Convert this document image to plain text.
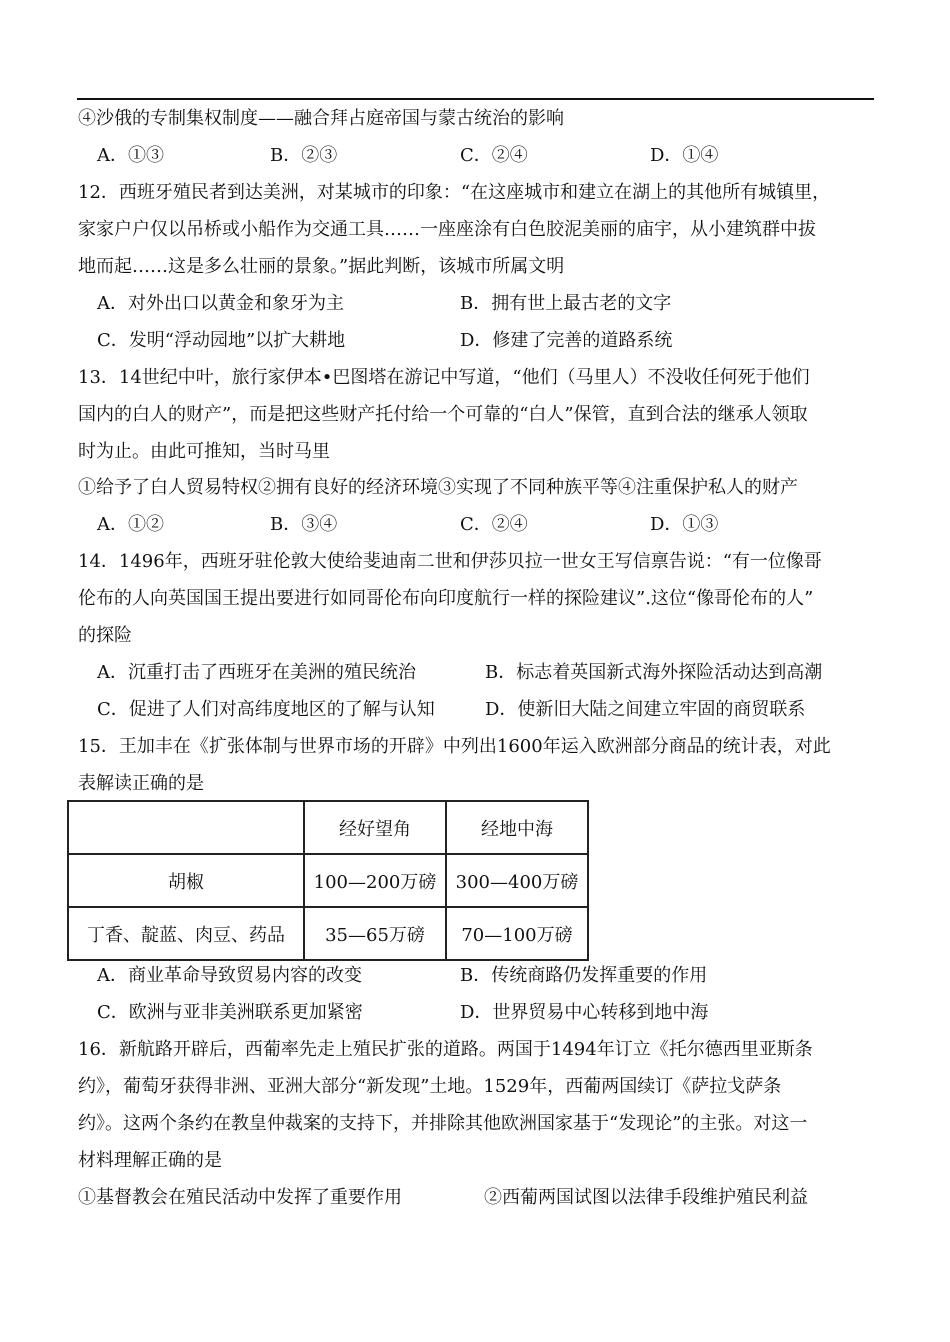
④沙俄的专制集权制度——融合拜占庭帝国与蒙古统治的影响
A．①③	B．②③	C．②④	D．①④
12．西班牙殖民者到达美洲，对某城市的印象：“在这座城市和建立在湖上的其他所有城镇里，
家家户户仅以吊桥或小船作为交通工具……一座座涂有白色胶泥美丽的庙宇，从小建筑群中拔
地而起……这是多么壮丽的景象。”据此判断，该城市所属文明
A．对外出口以黄金和象牙为主	B．拥有世上最古老的文字
C．发明“浮动园地”以扩大耕地	D．修建了完善的道路系统
13．14世纪中叶，旅行家伊本•巴图塔在游记中写道，“他们（马里人）不没收任何死于他们
国内的白人的财产”，而是把这些财产托付给一个可靠的“白人”保管，直到合法的继承人领取
时为止。由此可推知，当时马里
①给予了白人贸易特权②拥有良好的经济环境③实现了不同种族平等④注重保护私人的财产
A．①②	B．③④	C．②④	D．①③
14．1496年，西班牙驻伦敦大使给斐迪南二世和伊莎贝拉一世女王写信禀告说：“有一位像哥
伦布的人向英国国王提出要进行如同哥伦布向印度航行一样的探险建议”.这位“像哥伦布的人”
的探险
A．沉重打击了西班牙在美洲的殖民统治	B．标志着英国新式海外探险活动达到高潮
C．促进了人们对高纬度地区的了解与认知	D．使新旧大陆之间建立牢固的商贸联系
15．王加丰在《扩张体制与世界市场的开辟》中列出1600年运入欧洲部分商品的统计表，对此
表解读正确的是
	经好望角	经地中海
胡椒	100—200万磅	300—400万磅
丁香、靛蓝、肉豆、药品	35—65万磅	70—100万磅
A．商业革命导致贸易内容的改变	B．传统商路仍发挥重要的作用
C．欧洲与亚非美洲联系更加紧密	D．世界贸易中心转移到地中海
16．新航路开辟后，西葡率先走上殖民扩张的道路。两国于1494年订立《托尔德西里亚斯条
约》，葡萄牙获得非洲、亚洲大部分“新发现”土地。1529年，西葡两国续订《萨拉戈萨条
约》。这两个条约在教皇仲裁案的支持下，并排除其他欧洲国家基于“发现论”的主张。对这一
材料理解正确的是
①基督教会在殖民活动中发挥了重要作用	②西葡两国试图以法律手段维护殖民利益
